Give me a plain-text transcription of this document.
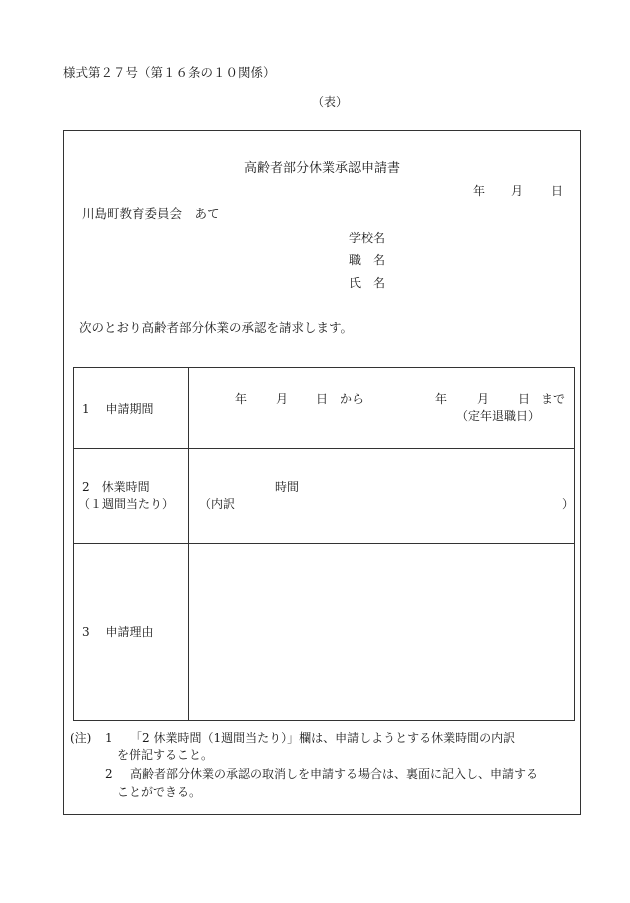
様式第２７号（第１６条の１０関係）
（表）
高齢者部分休業承認申請書
年 月 日
川島町教育委員会　あて
学校名
職　名
氏　名
次のとおり高齢者部分休業の承認を請求します。
1　 申請期間
年 月 日 から	年 月 日 まで
（定年退職日）
2　休業時間
（１週間当たり）
時間
（内訳	）
3　 申請理由
(注) 1 「2 休業時間（1週間当たり）」欄は、申請しようとする休業時間の内訳
を併記すること。
2 高齢者部分休業の承認の取消しを申請する場合は、裏面に記入し、申請する
ことができる。
